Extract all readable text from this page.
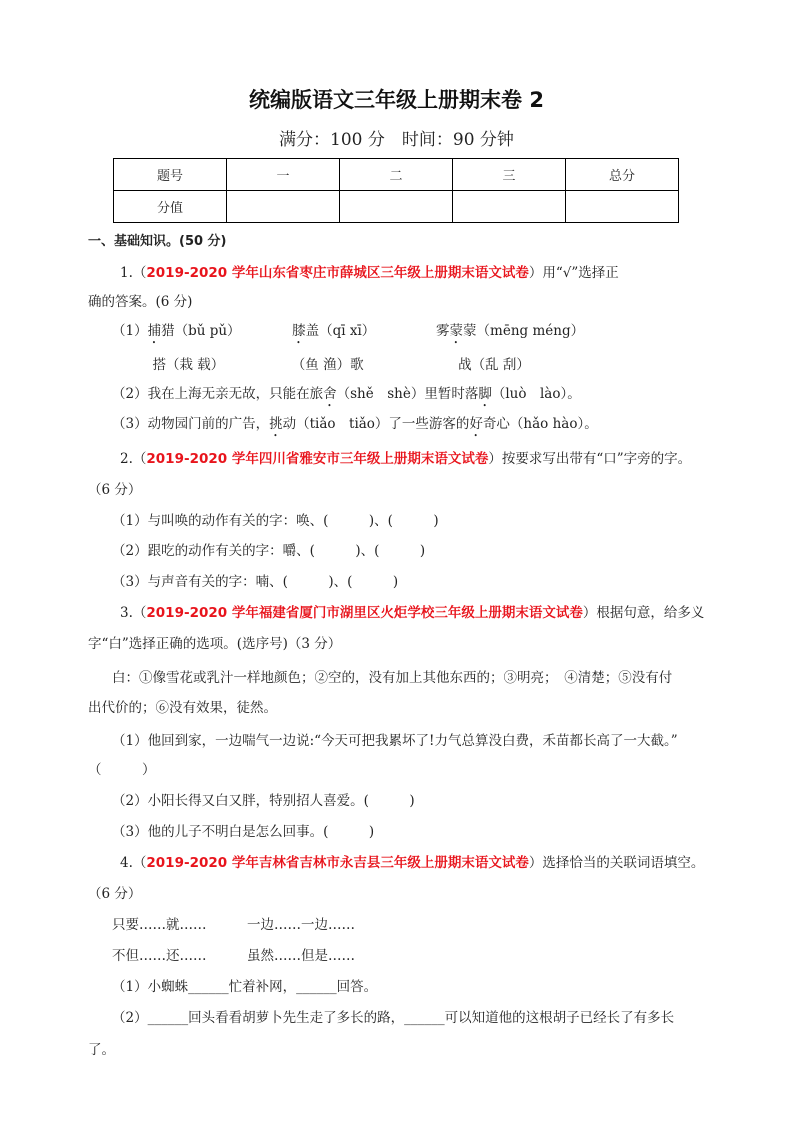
统编版语文三年级上册期末卷 2
满分：100 分　时间：90 分钟
题号	一	二	三	总分
分值				
一、基础知识。(50 分)
1.（2019-2020 学年山东省枣庄市薛城区三年级上册期末语文试卷）用“√”选择正
确的答案。(6 分)
（1）捕猎（bǔ pǔ）　　　　 膝盖（qī xī）　　　　　雾蒙蒙（mēng méng）
　　　搭（栽 载）　　　　　　（鱼 渔）歌　　　　　　　战（乱 刮）
（2）我在上海无亲无故，只能在旅舍（shě　shè）里暂时落脚（luò　lào）。
（3）动物园门前的广告，挑动（tiǎo　tiǎo）了一些游客的好奇心（hǎo hào）。
2.（2019-2020 学年四川省雅安市三年级上册期末语文试卷）按要求写出带有“口”字旁的字。
（6 分）
（1）与叫唤的动作有关的字：唤、(　　　)、(　　　)
（2）跟吃的动作有关的字：嚼、(　　　)、(　　　)
（3）与声音有关的字：喃、(　　　)、(　　　)
3.（2019-2020 学年福建省厦门市湖里区火炬学校三年级上册期末语文试卷）根据句意，给多义
字“白”选择正确的选项。(选序号)（3 分）
白：①像雪花或乳汁一样地颜色；②空的，没有加上其他东西的；③明亮；　④清楚；⑤没有付
出代价的；⑥没有效果，徒然。
（1）他回到家，一边喘气一边说:“今天可把我累坏了!力气总算没白费，禾苗都长高了一大截。”
（　　　）
（2）小阳长得又白又胖，特别招人喜爱。(　　　)
（3）他的儿子不明白是怎么回事。(　　　)
4.（2019-2020 学年吉林省吉林市永吉县三年级上册期末语文试卷）选择恰当的关联词语填空。
（6 分）
只要……就……　　　一边……一边……
不但……还……　　　虽然……但是……
（1）小蜘蛛______忙着补网，______回答。
（2）______回头看看胡萝卜先生走了多长的路，______可以知道他的这根胡子已经长了有多长
了。
